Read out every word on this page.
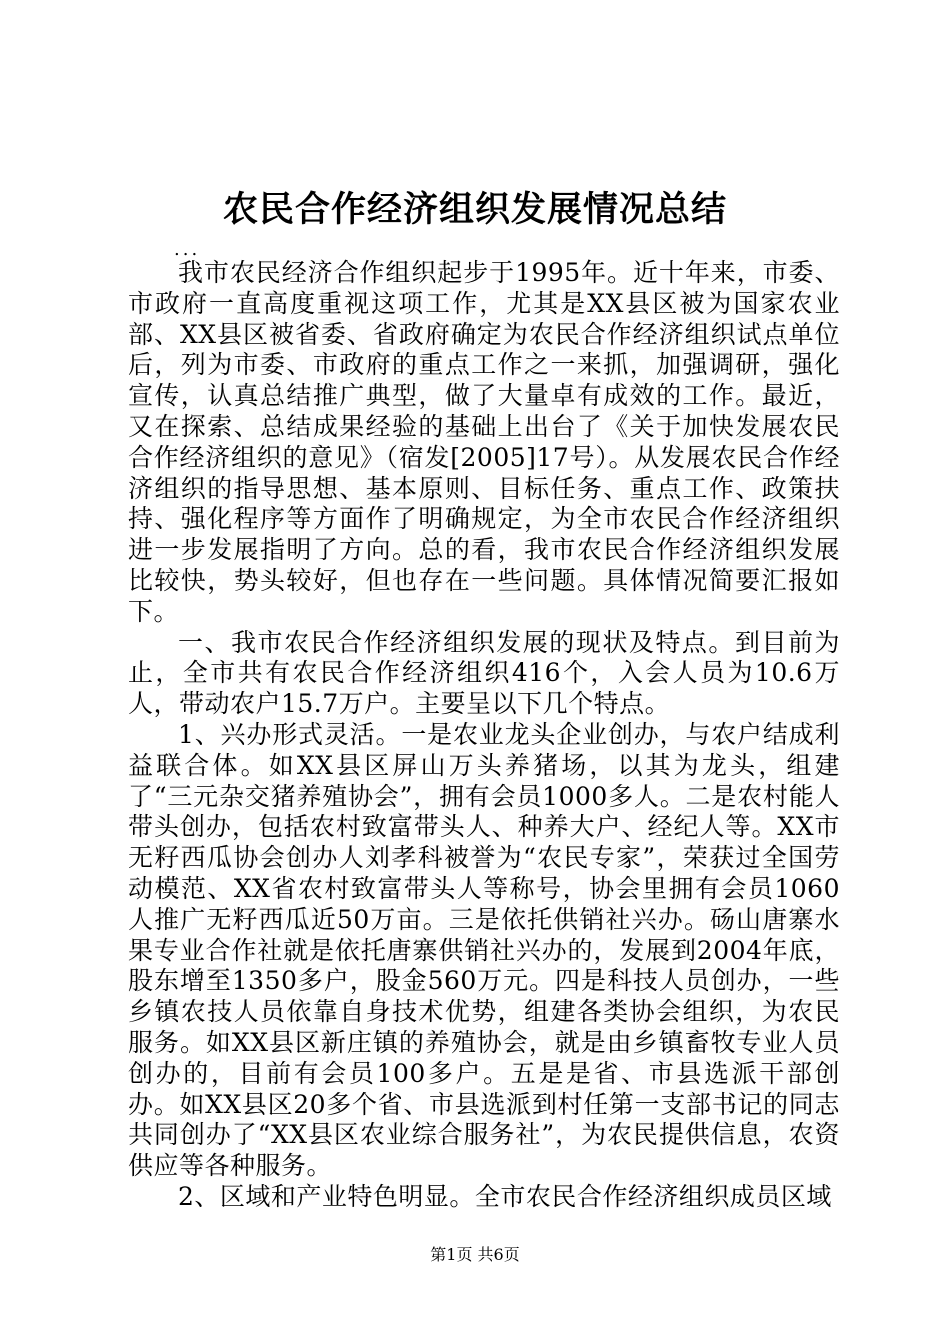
农民合作经济组织发展情况总结
...

我市农民经济合作组织起步于1995年。近十年来，市委、市政府一直高度重视这项工作，尤其是XX县区被为国家农业部、XX县区被省委、省政府确定为农民合作经济组织试点单位后，列为市委、市政府的重点工作之一来抓，加强调研，强化宣传，认真总结推广典型，做了大量卓有成效的工作。最近，又在探索、总结成果经验的基础上出台了《关于加快发展农民合作经济组织的意见》（宿发[2005]17号）。从发展农民合作经济组织的指导思想、基本原则、目标任务、重点工作、政策扶持、强化程序等方面作了明确规定，为全市农民合作经济组织进一步发展指明了方向。总的看，我市农民合作经济组织发展比较快，势头较好，但也存在一些问题。具体情况简要汇报如下。

一、我市农民合作经济组织发展的现状及特点。到目前为止，全市共有农民合作经济组织416个，入会人员为10.6万人，带动农户15.7万户。主要呈以下几个特点。

1、兴办形式灵活。一是农业龙头企业创办，与农户结成利益联合体。如XX县区屏山万头养猪场，以其为龙头，组建了“三元杂交猪养殖协会”，拥有会员1000多人。二是农村能人带头创办，包括农村致富带头人、种养大户、经纪人等。XX市无籽西瓜协会创办人刘孝科被誉为“农民专家”，荣获过全国劳动模范、XX省农村致富带头人等称号，协会里拥有会员1060人推广无籽西瓜近50万亩。三是依托供销社兴办。砀山唐寨水果专业合作社就是依托唐寨供销社兴办的，发展到2004年底，股东增至1350多户，股金560万元。四是科技人员创办，一些乡镇农技人员依靠自身技术优势，组建各类协会组织，为农民服务。如XX县区新庄镇的养殖协会，就是由乡镇畜牧专业人员创办的，目前有会员100多户。五是是省、市县选派干部创办。如XX县区20多个省、市县选派到村任第一支部书记的同志共同创办了“XX县区农业综合服务社”，为农民提供信息，农资供应等各种服务。

2、区域和产业特色明显。全市农民合作经济组织成员区域

第1页 共6页
